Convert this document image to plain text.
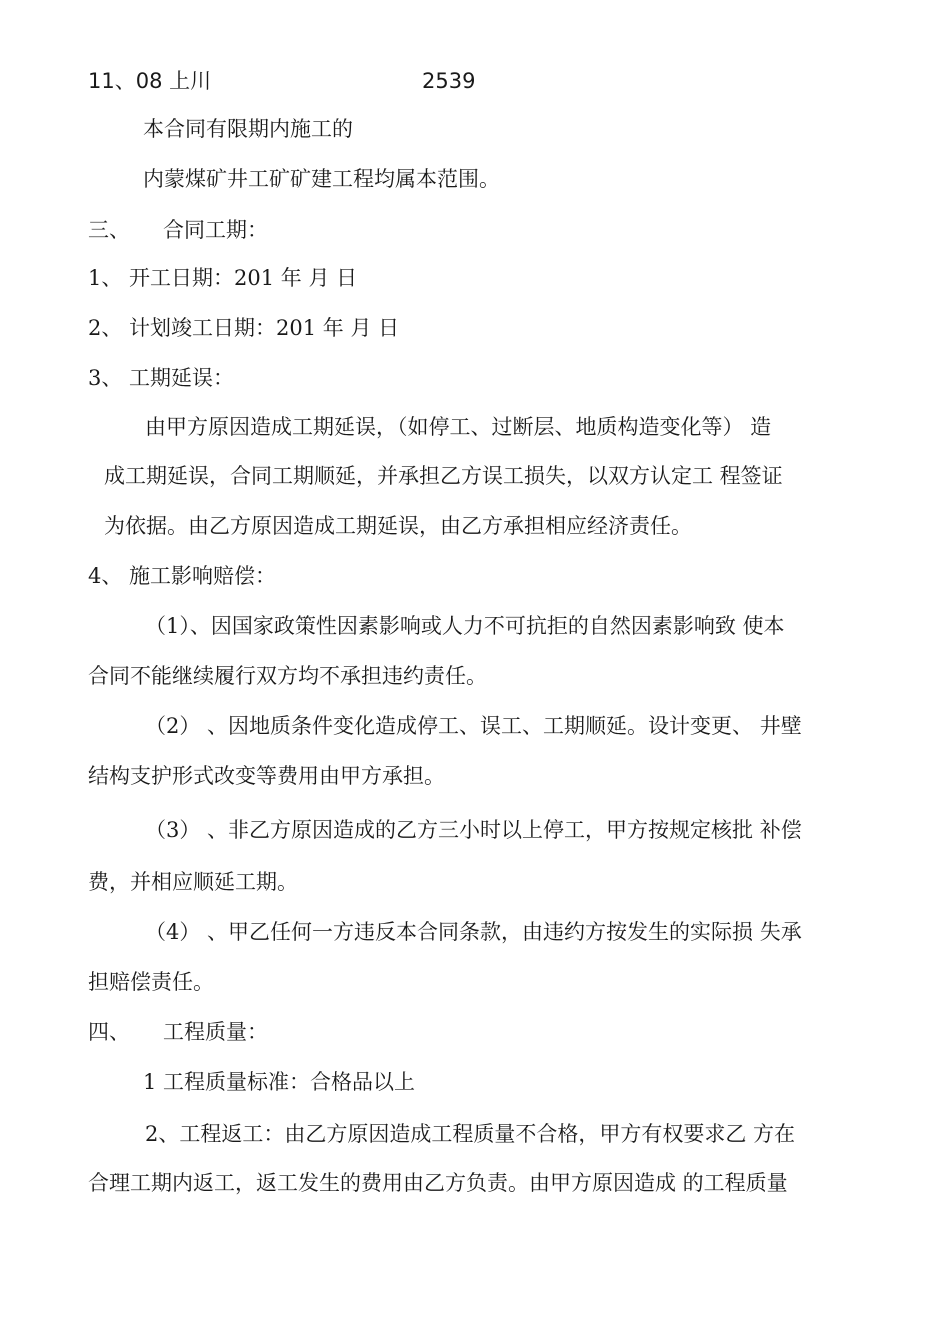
11、08 上川	2539
本合同有限期内施工的
内蒙煤矿井工矿矿建工程均属本范围。
三、 合同工期：
1、 开工日期：201 年 月 日
2、 计划竣工日期：201 年 月 日
3、 工期延误：
由甲方原因造成工期延误，（如停工、过断层、地质构造变化等） 造
成工期延误，合同工期顺延，并承担乙方误工损失，以双方认定工 程签证
为依据。由乙方原因造成工期延误，由乙方承担相应经济责任。
4、 施工影响赔偿：
（1）、因国家政策性因素影响或人力不可抗拒的自然因素影响致 使本
合同不能继续履行双方均不承担违约责任。
（2） 、因地质条件变化造成停工、误工、工期顺延。设计变更、 井壁
结构支护形式改变等费用由甲方承担。
（3） 、非乙方原因造成的乙方三小时以上停工，甲方按规定核批 补偿
费，并相应顺延工期。
（4） 、甲乙任何一方违反本合同条款，由违约方按发生的实际损 失承
担赔偿责任。
四、 工程质量：
1 工程质量标准：合格品以上
2、工程返工：由乙方原因造成工程质量不合格，甲方有权要求乙 方在
合理工期内返工，返工发生的费用由乙方负责。由甲方原因造成 的工程质量
